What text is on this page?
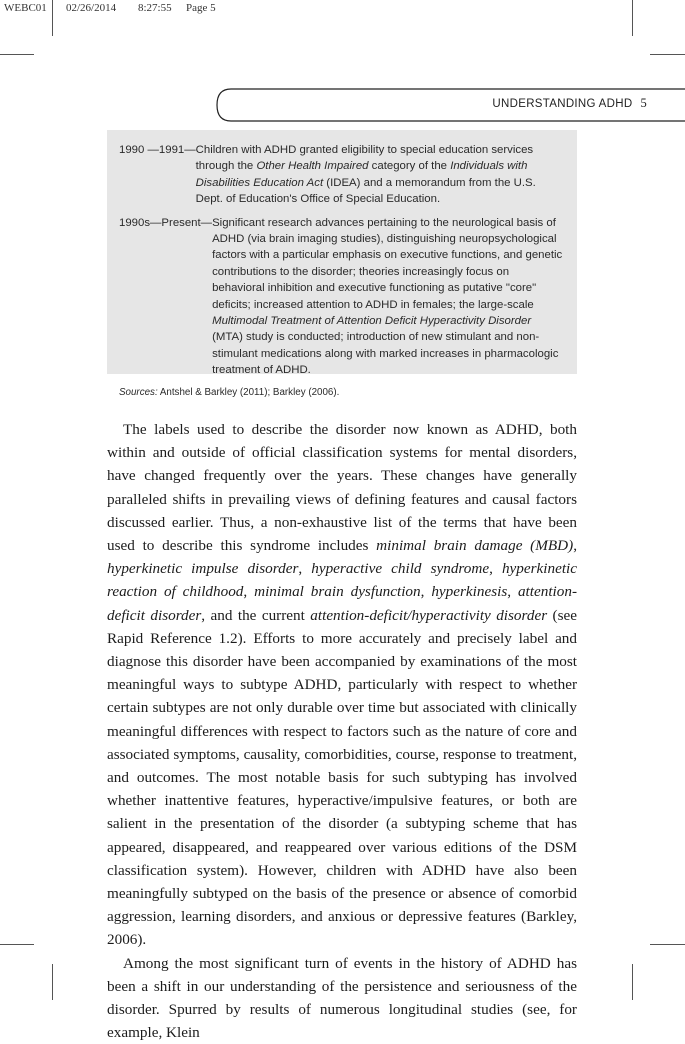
WEBC01 02/26/2014 8:27:55 Page 5
UNDERSTANDING ADHD 5
1990 —1991— Children with ADHD granted eligibility to special education services through the Other Health Impaired category of the Individuals with Disabilities Education Act (IDEA) and a memorandum from the U.S. Dept. of Education's Office of Special Education.
1990s—Present— Significant research advances pertaining to the neurological basis of ADHD (via brain imaging studies), distinguishing neuropsychological factors with a particular emphasis on executive functions, and genetic contributions to the disorder; theories increasingly focus on behavioral inhibition and executive functioning as putative "core" deficits; increased attention to ADHD in females; the large-scale Multimodal Treatment of Attention Deficit Hyperactivity Disorder (MTA) study is conducted; introduction of new stimulant and non-stimulant medications along with marked increases in pharmacologic treatment of ADHD.
Sources: Antshel & Barkley (2011); Barkley (2006).

The labels used to describe the disorder now known as ADHD, both within and outside of official classification systems for mental disorders, have changed frequently over the years. These changes have generally paralleled shifts in prevailing views of defining features and causal factors discussed earlier. Thus, a non-exhaustive list of the terms that have been used to describe this syndrome includes minimal brain damage (MBD), hyperkinetic impulse disorder, hyperactive child syndrome, hyperkinetic reaction of childhood, minimal brain dysfunction, hyperkinesis, attention-deficit disorder, and the current attention-deficit/hyperactivity disorder (see Rapid Reference 1.2). Efforts to more accurately and precisely label and diagnose this disorder have been accompanied by examinations of the most meaningful ways to subtype ADHD, particularly with respect to whether certain subtypes are not only durable over time but associated with clinically meaningful differences with respect to factors such as the nature of core and associated symptoms, causality, comorbidities, course, response to treatment, and outcomes. The most notable basis for such subtyping has involved whether inattentive features, hyperactive/impulsive features, or both are salient in the presentation of the disorder (a subtyping scheme that has appeared, disappeared, and reappeared over various editions of the DSM classification system). However, children with ADHD have also been meaningfully subtyped on the basis of the presence or absence of comorbid aggression, learning disorders, and anxious or depressive features (Barkley, 2006).

Among the most significant turn of events in the history of ADHD has been a shift in our understanding of the persistence and seriousness of the disorder. Spurred by results of numerous longitudinal studies (see, for example, Klein
